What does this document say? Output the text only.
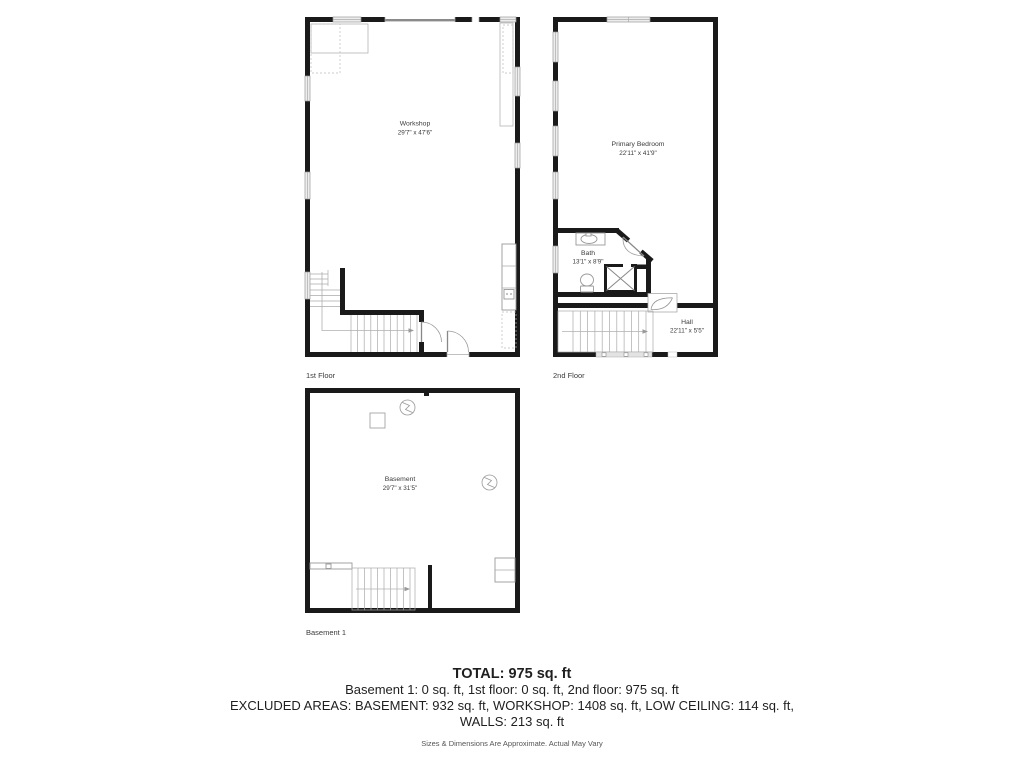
Workshop
29'7" x 47'6"
1st Floor
Primary Bedroom
22'11" x 41'9"
Bath
13'1" x 8'9"
Hall
22'11" x 5'5"
2nd Floor
Basement
29'7" x 31'5"
Basement 1
TOTAL: 975 sq. ft
Basement 1: 0 sq. ft, 1st floor: 0 sq. ft, 2nd floor: 975 sq. ft
EXCLUDED AREAS: BASEMENT: 932 sq. ft, WORKSHOP: 1408 sq. ft, LOW CEILING: 114 sq. ft,
WALLS: 213 sq. ft
Sizes & Dimensions Are Approximate. Actual May Vary
